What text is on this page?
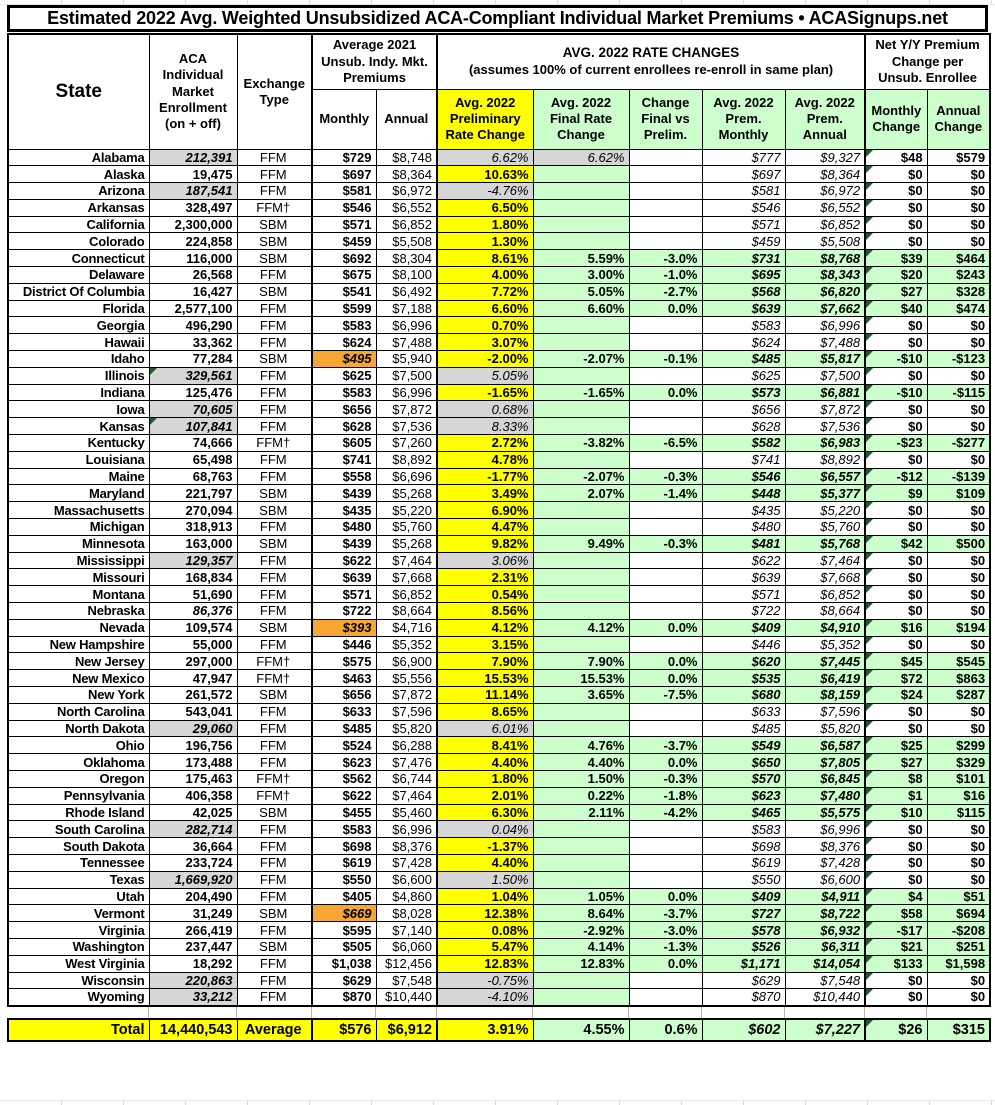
Estimated 2022 Avg. Weighted Unsubsidized ACA-Compliant Individual Market Premiums • ACASignups.net
State	ACA Individual Market Enrollment (on + off)	Exchange Type	Average 2021 Unsub. Indy. Mkt. Premiums		AVG. 2022 RATE CHANGES
(assumes 100% of current enrollees re-enroll in same plan)					Net Y/Y Premium Change per Unsub. Enrollee	
			Monthly	Annual	Avg. 2022 Preliminary Rate Change	Avg. 2022 Final Rate Change	Change Final vs Prelim.	Avg. 2022 Prem. Monthly	Avg. 2022 Prem. Annual	Monthly Change	Annual Change
Alabama	212,391	FFM	$729	$8,748	6.62%	6.62%		$777	$9,327	$48	$579
Alaska	19,475	FFM	$697	$8,364	10.63%			$697	$8,364	$0	$0
Arizona	187,541	FFM	$581	$6,972	-4.76%			$581	$6,972	$0	$0
Arkansas	328,497	FFM†	$546	$6,552	6.50%			$546	$6,552	$0	$0
California	2,300,000	SBM	$571	$6,852	1.80%			$571	$6,852	$0	$0
Colorado	224,858	SBM	$459	$5,508	1.30%			$459	$5,508	$0	$0
Connecticut	116,000	SBM	$692	$8,304	8.61%	5.59%	-3.0%	$731	$8,768	$39	$464
Delaware	26,568	FFM	$675	$8,100	4.00%	3.00%	-1.0%	$695	$8,343	$20	$243
District Of Columbia	16,427	SBM	$541	$6,492	7.72%	5.05%	-2.7%	$568	$6,820	$27	$328
Florida	2,577,100	FFM	$599	$7,188	6.60%	6.60%	0.0%	$639	$7,662	$40	$474
Georgia	496,290	FFM	$583	$6,996	0.70%			$583	$6,996	$0	$0
Hawaii	33,362	FFM	$624	$7,488	3.07%			$624	$7,488	$0	$0
Idaho	77,284	SBM	$495	$5,940	-2.00%	-2.07%	-0.1%	$485	$5,817	-$10	-$123
Illinois	329,561	FFM	$625	$7,500	5.05%			$625	$7,500	$0	$0
Indiana	125,476	FFM	$583	$6,996	-1.65%	-1.65%	0.0%	$573	$6,881	-$10	-$115
Iowa	70,605	FFM	$656	$7,872	0.68%			$656	$7,872	$0	$0
Kansas	107,841	FFM	$628	$7,536	8.33%			$628	$7,536	$0	$0
Kentucky	74,666	FFM†	$605	$7,260	2.72%	-3.82%	-6.5%	$582	$6,983	-$23	-$277
Louisiana	65,498	FFM	$741	$8,892	4.78%			$741	$8,892	$0	$0
Maine	68,763	FFM	$558	$6,696	-1.77%	-2.07%	-0.3%	$546	$6,557	-$12	-$139
Maryland	221,797	SBM	$439	$5,268	3.49%	2.07%	-1.4%	$448	$5,377	$9	$109
Massachusetts	270,094	SBM	$435	$5,220	6.90%			$435	$5,220	$0	$0
Michigan	318,913	FFM	$480	$5,760	4.47%			$480	$5,760	$0	$0
Minnesota	163,000	SBM	$439	$5,268	9.82%	9.49%	-0.3%	$481	$5,768	$42	$500
Mississippi	129,357	FFM	$622	$7,464	3.06%			$622	$7,464	$0	$0
Missouri	168,834	FFM	$639	$7,668	2.31%			$639	$7,668	$0	$0
Montana	51,690	FFM	$571	$6,852	0.54%			$571	$6,852	$0	$0
Nebraska	86,376	FFM	$722	$8,664	8.56%			$722	$8,664	$0	$0
Nevada	109,574	SBM	$393	$4,716	4.12%	4.12%	0.0%	$409	$4,910	$16	$194
New Hampshire	55,000	FFM	$446	$5,352	3.15%			$446	$5,352	$0	$0
New Jersey	297,000	FFM†	$575	$6,900	7.90%	7.90%	0.0%	$620	$7,445	$45	$545
New Mexico	47,947	FFM†	$463	$5,556	15.53%	15.53%	0.0%	$535	$6,419	$72	$863
New York	261,572	SBM	$656	$7,872	11.14%	3.65%	-7.5%	$680	$8,159	$24	$287
North Carolina	543,041	FFM	$633	$7,596	8.65%			$633	$7,596	$0	$0
North Dakota	29,060	FFM	$485	$5,820	6.01%			$485	$5,820	$0	$0
Ohio	196,756	FFM	$524	$6,288	8.41%	4.76%	-3.7%	$549	$6,587	$25	$299
Oklahoma	173,488	FFM	$623	$7,476	4.40%	4.40%	0.0%	$650	$7,805	$27	$329
Oregon	175,463	FFM†	$562	$6,744	1.80%	1.50%	-0.3%	$570	$6,845	$8	$101
Pennsylvania	406,358	FFM†	$622	$7,464	2.01%	0.22%	-1.8%	$623	$7,480	$1	$16
Rhode Island	42,025	SBM	$455	$5,460	6.30%	2.11%	-4.2%	$465	$5,575	$10	$115
South Carolina	282,714	FFM	$583	$6,996	0.04%			$583	$6,996	$0	$0
South Dakota	36,664	FFM	$698	$8,376	-1.37%			$698	$8,376	$0	$0
Tennessee	233,724	FFM	$619	$7,428	4.40%			$619	$7,428	$0	$0
Texas	1,669,920	FFM	$550	$6,600	1.50%			$550	$6,600	$0	$0
Utah	204,490	FFM	$405	$4,860	1.04%	1.05%	0.0%	$409	$4,911	$4	$51
Vermont	31,249	SBM	$669	$8,028	12.38%	8.64%	-3.7%	$727	$8,722	$58	$694
Virginia	266,419	FFM	$595	$7,140	0.08%	-2.92%	-3.0%	$578	$6,932	-$17	-$208
Washington	237,447	SBM	$505	$6,060	5.47%	4.14%	-1.3%	$526	$6,311	$21	$251
West Virginia	18,292	FFM	$1,038	$12,456	12.83%	12.83%	0.0%	$1,171	$14,054	$133	$1,598
Wisconsin	220,863	FFM	$629	$7,548	-0.75%			$629	$7,548	$0	$0
Wyoming	33,212	FFM	$870	$10,440	-4.10%			$870	$10,440	$0	$0

Total	14,440,543	Average	$576	$6,912	3.91%	4.55%	0.6%	$602	$7,227	$26	$315
